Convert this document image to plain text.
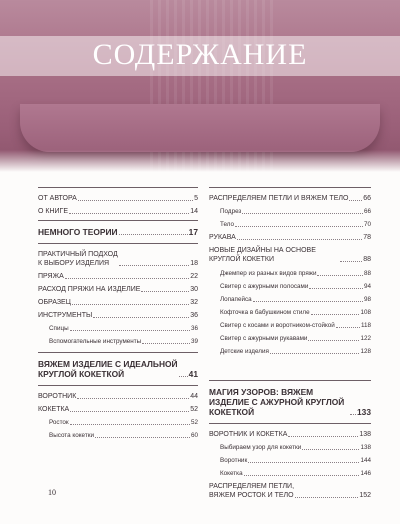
СОДЕРЖАНИЕ
ОТ АВТОРА	5
О КНИГЕ	14
НЕМНОГО ТЕОРИИ	17
ПРАКТИЧНЫЙ ПОДХОД
К ВЫБОРУ ИЗДЕЛИЯ	18
ПРЯЖА	22
РАСХОД ПРЯЖИ НА ИЗДЕЛИЕ	30
ОБРАЗЕЦ	32
ИНСТРУМЕНТЫ	36
Спицы	36
Вспомогательные инструменты	39
ВЯЖЕМ ИЗДЕЛИЕ С ИДЕАЛЬНОЙ КРУГЛОЙ КОКЕТКОЙ	41
ВОРОТНИК	44
КОКЕТКА	52
Росток	52
Высота кокетки	60
РАСПРЕДЕЛЯЕМ ПЕТЛИ И ВЯЖЕМ ТЕЛО 66
Подрез	66
Тело	70
РУКАВА	78
НОВЫЕ ДИЗАЙНЫ НА ОСНОВЕ КРУГЛОЙ КОКЕТКИ	88
Джемпер из разных видов пряжи	88
Свитер с ажурными полосами	94
Лопапейса	98
Кофточка в бабушкином стиле	108
Свитер с косами и воротником-стойкой	118
Свитер с ажурными рукавами	122
Детские изделия	128
МАГИЯ УЗОРОВ: ВЯЖЕМ ИЗДЕЛИЕ С АЖУРНОЙ КРУГЛОЙ КОКЕТКОЙ	133
ВОРОТНИК И КОКЕТКА	138
Выбираем узор для кокетки	138
Воротник	144
Кокетка	146
РАСПРЕДЕЛЯЕМ ПЕТЛИ,
ВЯЖЕМ РОСТОК И ТЕЛО	152
10
